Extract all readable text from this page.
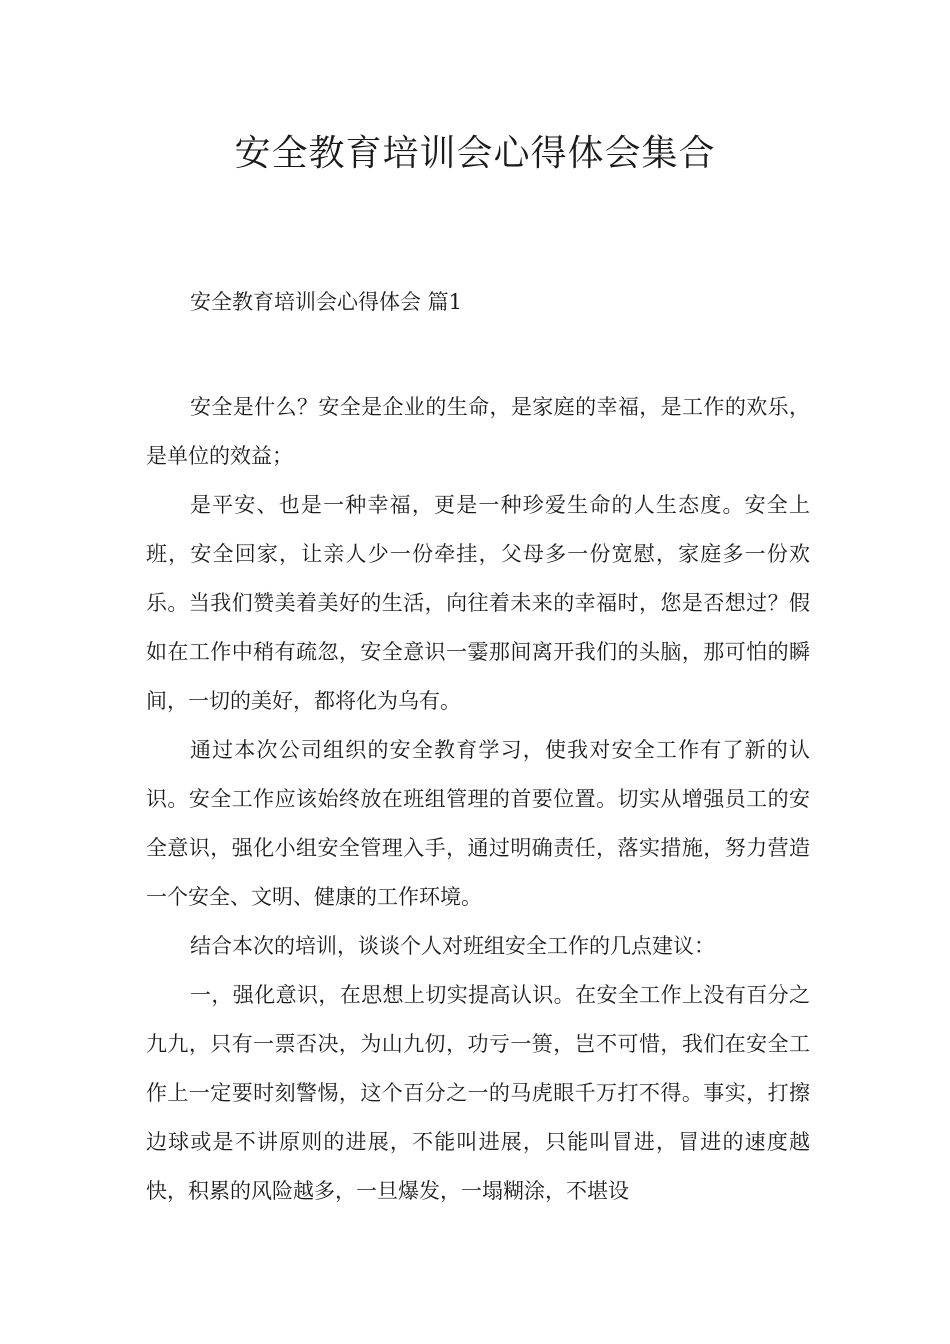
安全教育培训会心得体会集合
安全教育培训会心得体会 篇1

安全是什么？安全是企业的生命，是家庭的幸福，是工作的欢乐，是单位的效益；

是平安、也是一种幸福，更是一种珍爱生命的人生态度。安全上班，安全回家，让亲人少一份牵挂，父母多一份宽慰，家庭多一份欢乐。当我们赞美着美好的生活，向往着未来的幸福时，您是否想过？假如在工作中稍有疏忽，安全意识一霎那间离开我们的头脑，那可怕的瞬间，一切的美好，都将化为乌有。

通过本次公司组织的安全教育学习，使我对安全工作有了新的认识。安全工作应该始终放在班组管理的首要位置。切实从增强员工的安全意识，强化小组安全管理入手，通过明确责任，落实措施，努力营造一个安全、文明、健康的工作环境。

结合本次的培训，谈谈个人对班组安全工作的几点建议：

一，强化意识，在思想上切实提高认识。在安全工作上没有百分之九九，只有一票否决，为山九仞，功亏一篑，岂不可惜，我们在安全工作上一定要时刻警惕，这个百分之一的马虎眼千万打不得。事实，打擦边球或是不讲原则的进展，不能叫进展，只能叫冒进，冒进的速度越快，积累的风险越多，一旦爆发，一塌糊涂，不堪设
